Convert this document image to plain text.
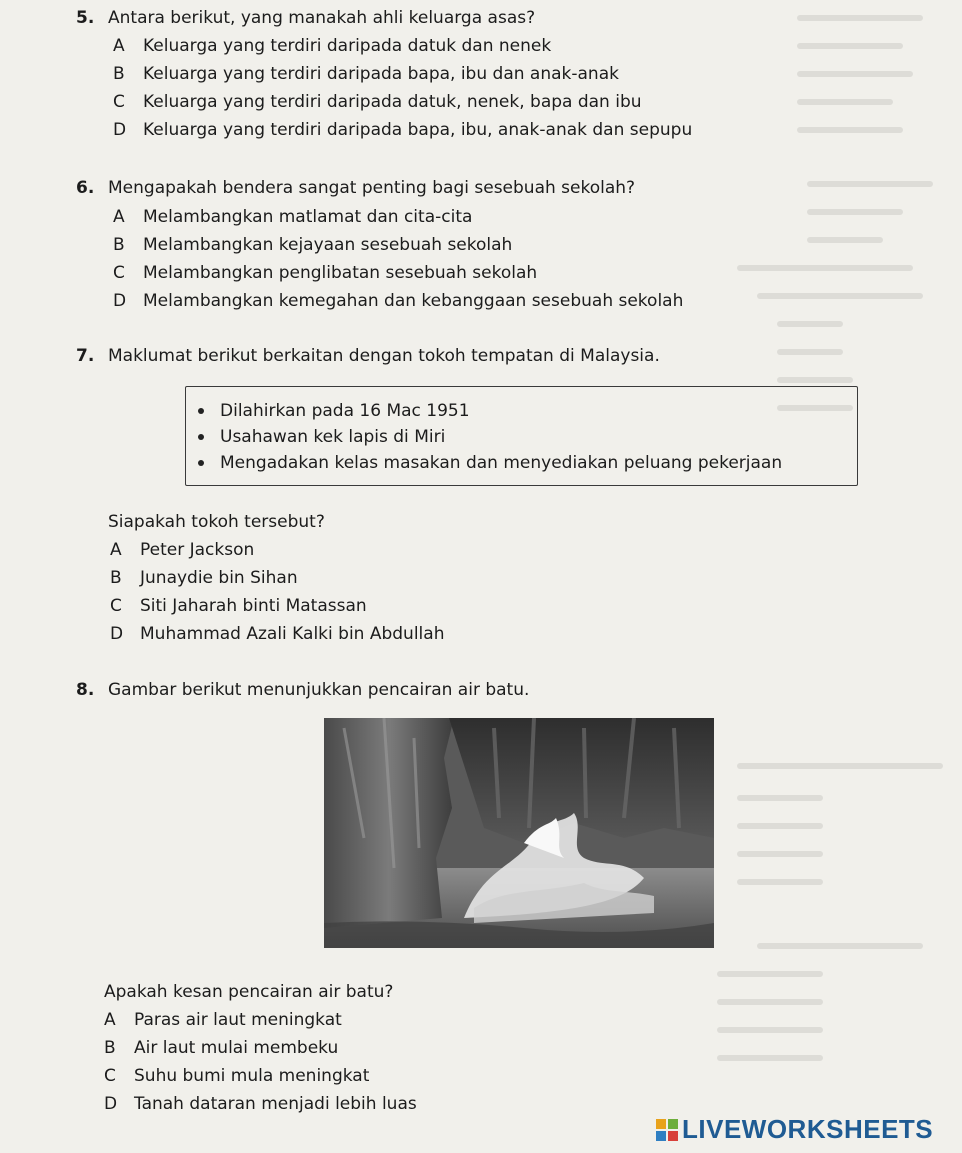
5. Antara berikut, yang manakah ahli keluarga asas?
A Keluarga yang terdiri daripada datuk dan nenek
B Keluarga yang terdiri daripada bapa, ibu dan anak-anak
C Keluarga yang terdiri daripada datuk, nenek, bapa dan ibu
D Keluarga yang terdiri daripada bapa, ibu, anak-anak dan sepupu
6. Mengapakah bendera sangat penting bagi sesebuah sekolah?
A Melambangkan matlamat dan cita-cita
B Melambangkan kejayaan sesebuah sekolah
C Melambangkan penglibatan sesebuah sekolah
D Melambangkan kemegahan dan kebanggaan sesebuah sekolah
7. Maklumat berikut berkaitan dengan tokoh tempatan di Malaysia.
Dilahirkan pada 16 Mac 1951
Usahawan kek lapis di Miri
Mengadakan kelas masakan dan menyediakan peluang pekerjaan
Siapakah tokoh tersebut?
A Peter Jackson
B Junaydie bin Sihan
C Siti Jaharah binti Matassan
D Muhammad Azali Kalki bin Abdullah
8. Gambar berikut menunjukkan pencairan air batu.
Apakah kesan pencairan air batu?
A Paras air laut meningkat
B Air laut mulai membeku
C Suhu bumi mula meningkat
D Tanah dataran menjadi lebih luas
LIVEWORKSHEETS
